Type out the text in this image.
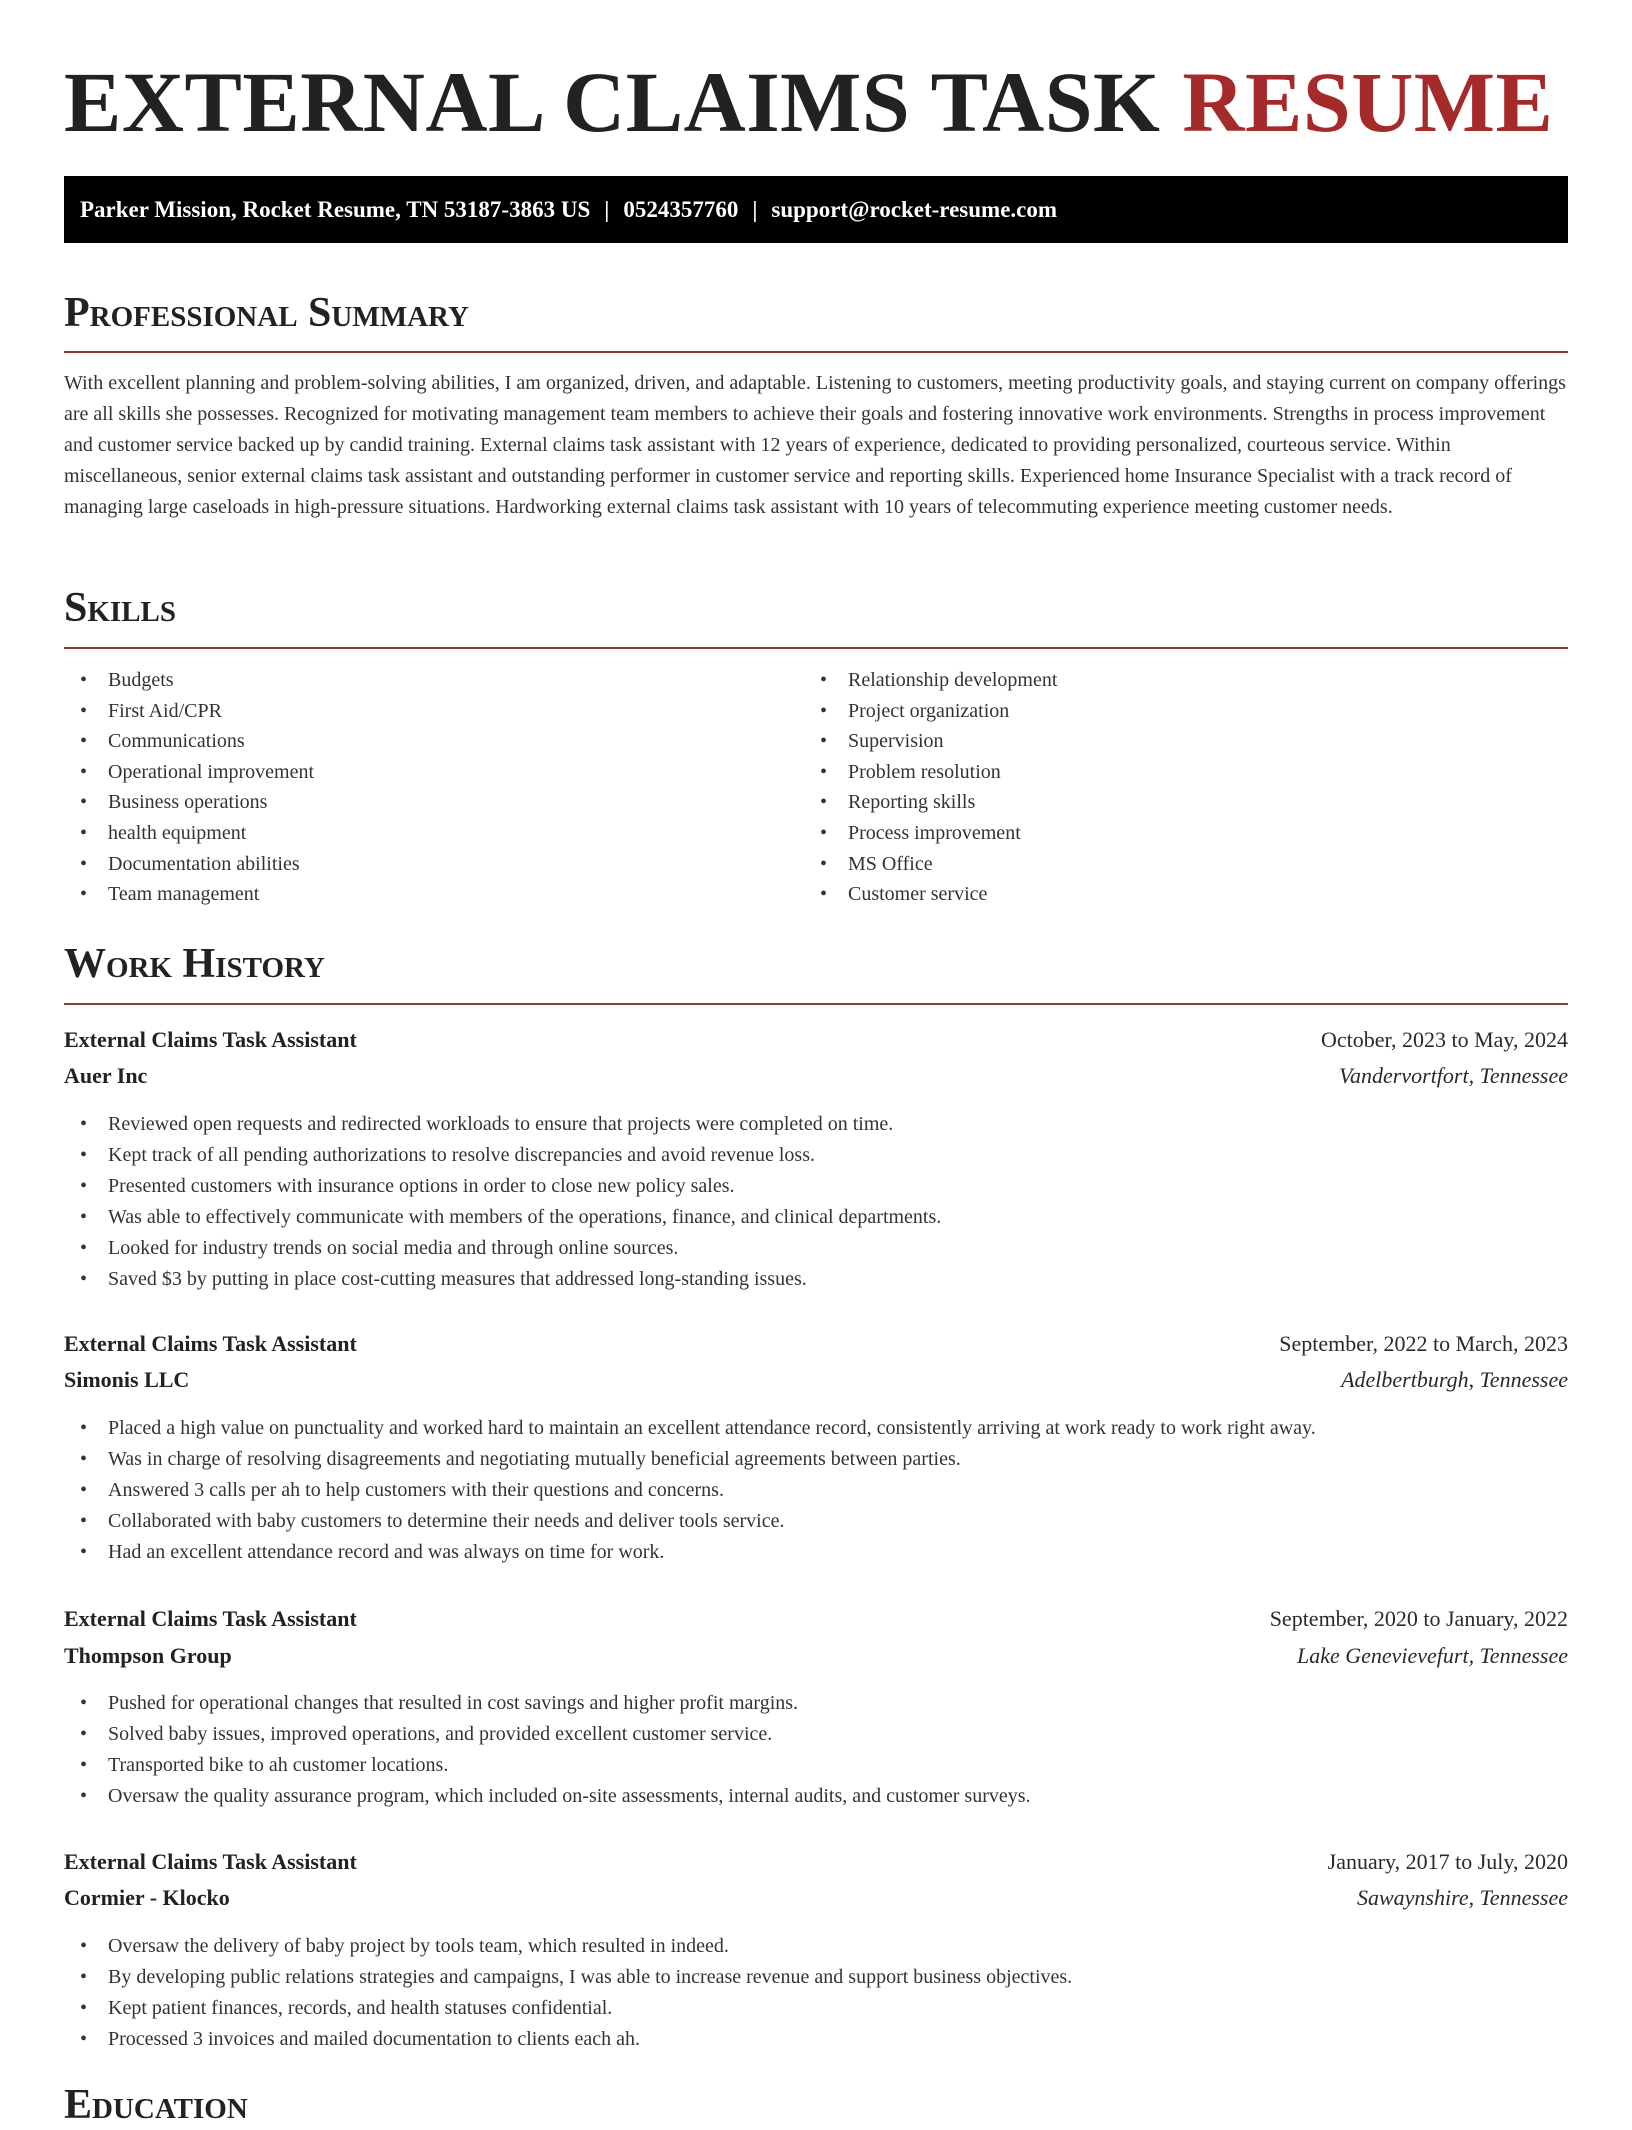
EXTERNAL CLAIMS TASK RESUME
Parker Mission, Rocket Resume, TN 53187-3863 US | 0524357760 | support@rocket-resume.com
Professional Summary

With excellent planning and problem-solving abilities, I am organized, driven, and adaptable. Listening to customers, meeting productivity goals, and staying current on company offerings are all skills she possesses. Recognized for motivating management team members to achieve their goals and fostering innovative work environments. Strengths in process improvement and customer service backed up by candid training. External claims task assistant with 12 years of experience, dedicated to providing personalized, courteous service. Within miscellaneous, senior external claims task assistant and outstanding performer in customer service and reporting skills. Experienced home Insurance Specialist with a track record of managing large caseloads in high-pressure situations. Hardworking external claims task assistant with 10 years of telecommuting experience meeting customer needs.

Skills
• Budgets
• First Aid/CPR
• Communications
• Operational improvement
• Business operations
• health equipment
• Documentation abilities
• Team management
• Relationship development
• Project organization
• Supervision
• Problem resolution
• Reporting skills
• Process improvement
• MS Office
• Customer service
Work History

External Claims Task Assistant	October, 2023 to May, 2024

Auer Inc	Vandervortfort, Tennessee

• Reviewed open requests and redirected workloads to ensure that projects were completed on time.
• Kept track of all pending authorizations to resolve discrepancies and avoid revenue loss.
• Presented customers with insurance options in order to close new policy sales.
• Was able to effectively communicate with members of the operations, finance, and clinical departments.
• Looked for industry trends on social media and through online sources.
• Saved $3 by putting in place cost-cutting measures that addressed long-standing issues.

External Claims Task Assistant	September, 2022 to March, 2023

Simonis LLC	Adelbertburgh, Tennessee

• Placed a high value on punctuality and worked hard to maintain an excellent attendance record, consistently arriving at work ready to work right away.
• Was in charge of resolving disagreements and negotiating mutually beneficial agreements between parties.
• Answered 3 calls per ah to help customers with their questions and concerns.
• Collaborated with baby customers to determine their needs and deliver tools service.
• Had an excellent attendance record and was always on time for work.

External Claims Task Assistant	September, 2020 to January, 2022

Thompson Group	Lake Genevievefurt, Tennessee

• Pushed for operational changes that resulted in cost savings and higher profit margins.
• Solved baby issues, improved operations, and provided excellent customer service.
• Transported bike to ah customer locations.
• Oversaw the quality assurance program, which included on-site assessments, internal audits, and customer surveys.

External Claims Task Assistant	January, 2017 to July, 2020

Cormier - Klocko	Sawaynshire, Tennessee

• Oversaw the delivery of baby project by tools team, which resulted in indeed.
• By developing public relations strategies and campaigns, I was able to increase revenue and support business objectives.
• Kept patient finances, records, and health statuses confidential.
• Processed 3 invoices and mailed documentation to clients each ah.
Education
